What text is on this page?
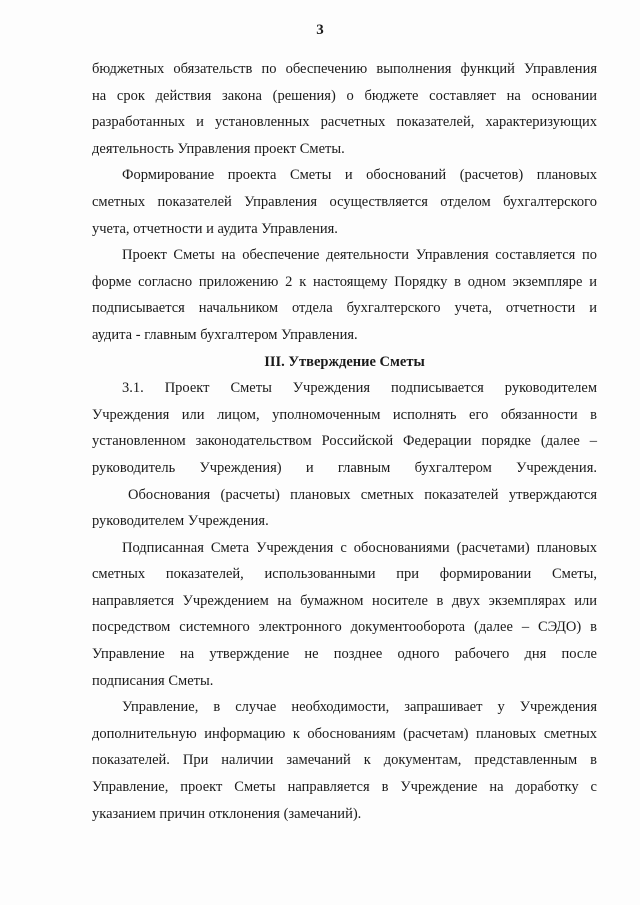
3

бюджетных обязательств по обеспечению выполнения функций Управления
на срок действия закона (решения) о бюджете составляет на основании
разработанных и установленных расчетных показателей, характеризующих
деятельность Управления проект Сметы.

Формирование проекта Сметы и обоснований (расчетов) плановых
сметных показателей Управления осуществляется отделом бухгалтерского
учета, отчетности и аудита Управления.

Проект Сметы на обеспечение деятельности Управления составляется по
форме согласно приложению 2 к настоящему Порядку в одном экземпляре и
подписывается начальником отдела бухгалтерского учета, отчетности и
аудита - главным бухгалтером Управления.

III. Утверждение Сметы

3.1. Проект Сметы Учреждения подписывается руководителем
Учреждения или лицом, уполномоченным исполнять его обязанности в
установленном законодательством Российской Федерации порядке (далее –
руководитель Учреждения) и главным бухгалтером Учреждения.

Обоснования (расчеты) плановых сметных показателей утверждаются
руководителем Учреждения.

Подписанная Смета Учреждения с обоснованиями (расчетами) плановых
сметных показателей, использованными при формировании Сметы,
направляется Учреждением на бумажном носителе в двух экземплярах или
посредством системного электронного документооборота (далее – СЭДО) в
Управление на утверждение не позднее одного рабочего дня после
подписания Сметы.

Управление, в случае необходимости, запрашивает у Учреждения
дополнительную информацию к обоснованиям (расчетам) плановых сметных
показателей. При наличии замечаний к документам, представленным в
Управление, проект Сметы направляется в Учреждение на доработку с
указанием причин отклонения (замечаний).
